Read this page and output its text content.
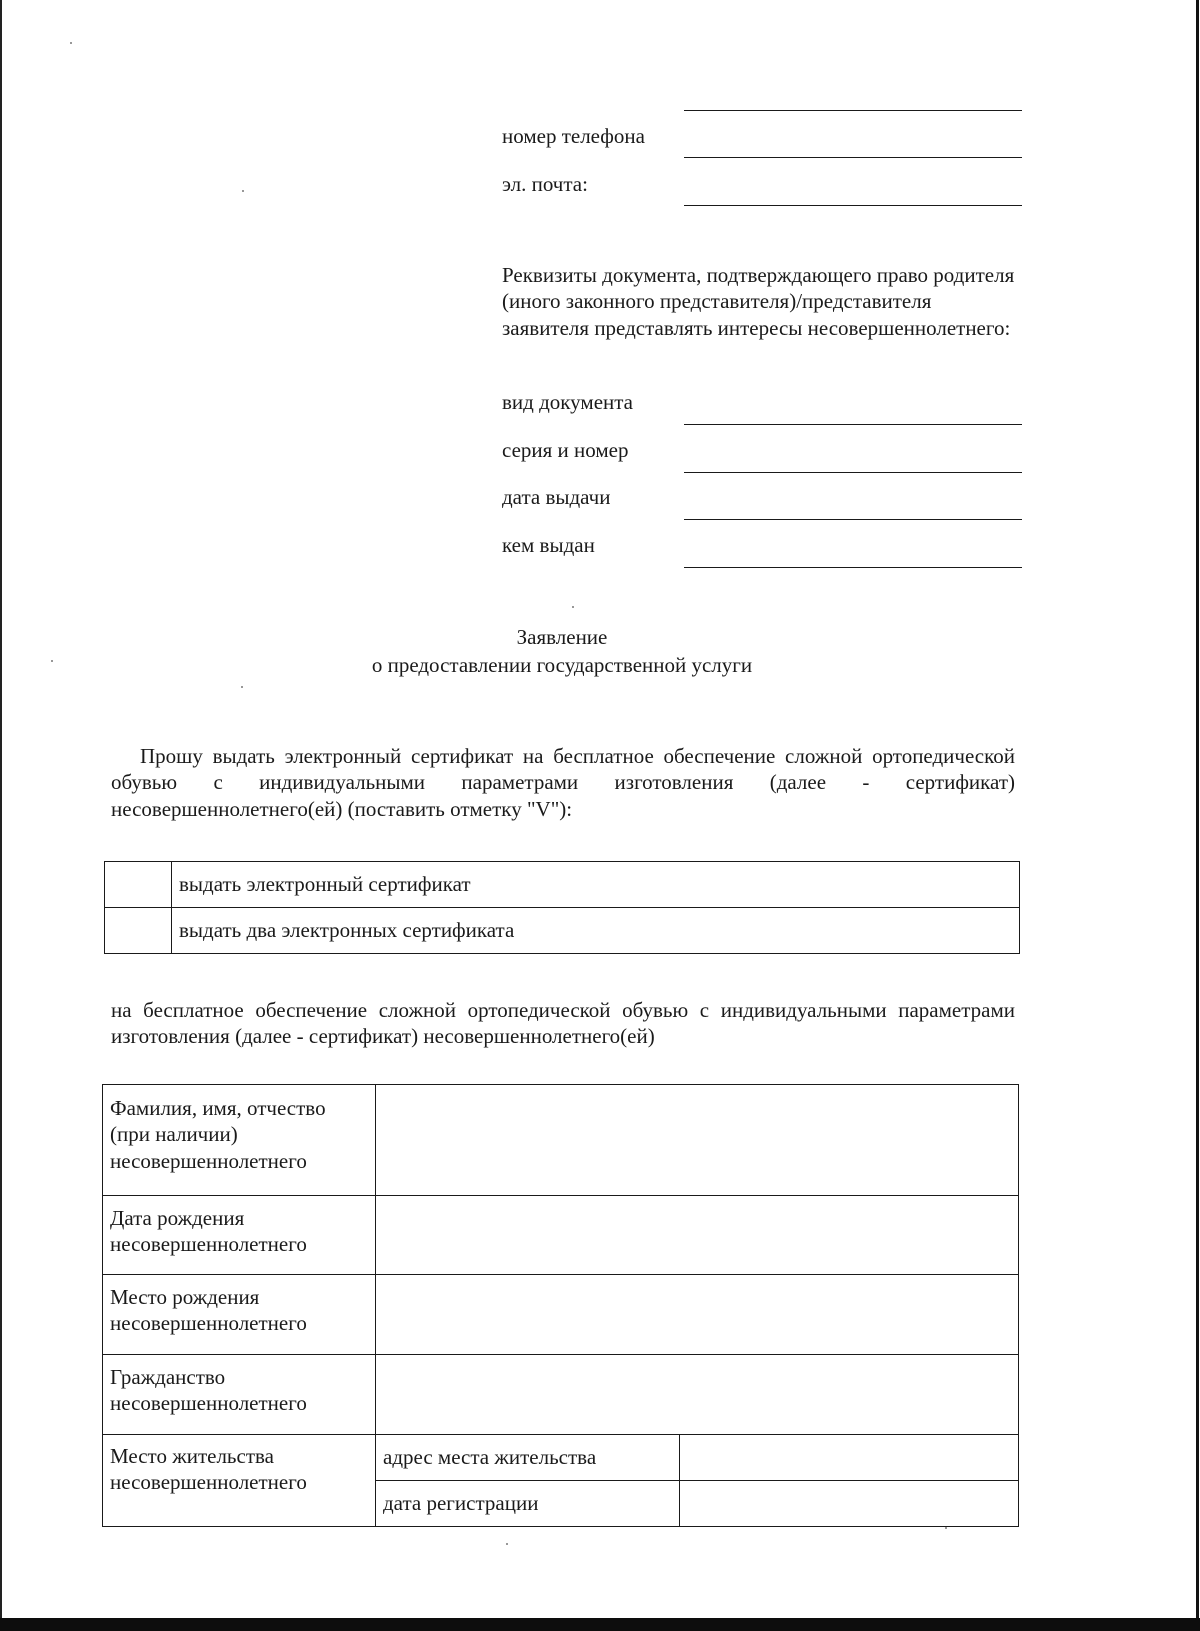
номер телефона
эл. почта:
Реквизиты документа, подтверждающего право родителя (иного законного представителя)/представителя заявителя представлять интересы несовершеннолетнего:
вид документа
серия и номер
дата выдачи
кем выдан
Заявление
о предоставлении государственной услуги
Прошу выдать электронный сертификат на бесплатное обеспечение сложной ортопедической обувью с индивидуальными параметрами изготовления (далее - сертификат) несовершеннолетнего(ей) (поставить отметку "V"):
	выдать электронный сертификат
	выдать два электронных сертификата
на бесплатное обеспечение сложной ортопедической обувью с индивидуальными параметрами изготовления (далее - сертификат) несовершеннолетнего(ей)
Фамилия, имя, отчество (при наличии) несовершеннолетнего		
Дата рождения несовершеннолетнего		
Место рождения несовершеннолетнего		
Гражданство несовершеннолетнего		
Место жительства несовершеннолетнего	адрес места жительства	
	дата регистрации	
